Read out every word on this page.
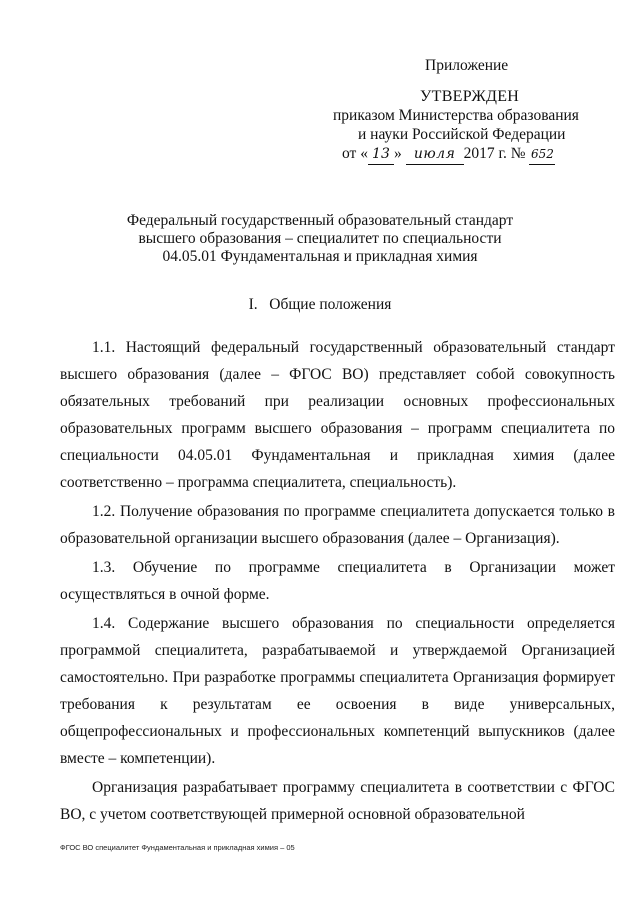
Приложение
УТВЕРЖДЕН
приказом Министерства образования
и науки Российской Федерации
от « 13 » июля 2017 г. № 652
Федеральный государственный образовательный стандарт
высшего образования – специалитет по специальности
04.05.01 Фундаментальная и прикладная химия
I. Общие положения

1.1. Настоящий федеральный государственный образовательный стандарт высшего образования (далее – ФГОС ВО) представляет собой совокупность обязательных требований при реализации основных профессиональных образовательных программ высшего образования – программ специалитета по специальности 04.05.01 Фундаментальная и прикладная химия (далее соответственно – программа специалитета, специальность).

1.2. Получение образования по программе специалитета допускается только в образовательной организации высшего образования (далее – Организация).

1.3. Обучение по программе специалитета в Организации может осуществляться в очной форме.

1.4. Содержание высшего образования по специальности определяется программой специалитета, разрабатываемой и утверждаемой Организацией самостоятельно. При разработке программы специалитета Организация формирует требования к результатам ее освоения в виде универсальных, общепрофессиональных и профессиональных компетенций выпускников (далее вместе – компетенции).

Организация разрабатывает программу специалитета в соответствии с ФГОС ВО, с учетом соответствующей примерной основной образовательной

ФГОС ВО специалитет Фундаментальная и прикладная химия – 05
